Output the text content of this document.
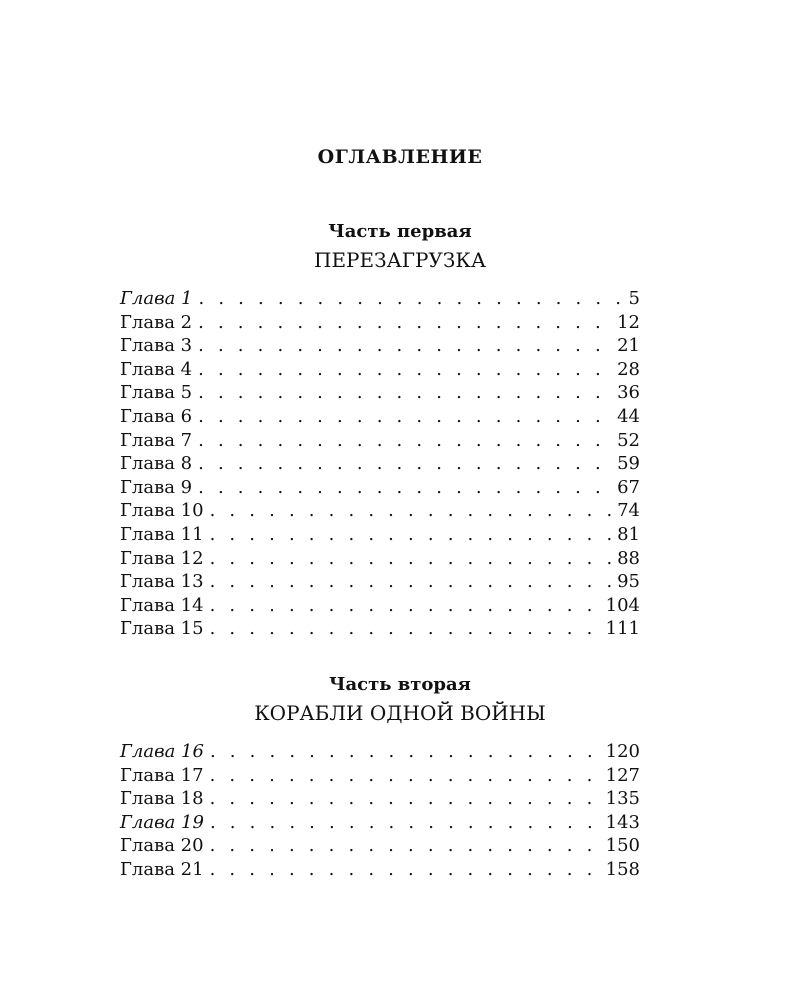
ОГЛАВЛЕНИЕ
Часть первая
ПЕРЕЗАГРУЗКА
Глава 1 . . .	5
Глава 2 . . .	12
Глава 3 . . .	21
Глава 4 . . .	28
Глава 5 . . .	36
Глава 6 . . .	44
Глава 7 . . .	52
Глава 8 . . .	59
Глава 9 . . .	67
Глава 10 . . .	74
Глава 11 . . .	81
Глава 12 . . .	88
Глава 13 . . .	95
Глава 14 . . .	104
Глава 15 . . .	111
Часть вторая
КОРАБЛИ ОДНОЙ ВОЙНЫ
Глава 16 . . .	120
Глава 17 . . .	127
Глава 18 . . .	135
Глава 19 . . .	143
Глава 20 . . .	150
Глава 21 . . .	158
